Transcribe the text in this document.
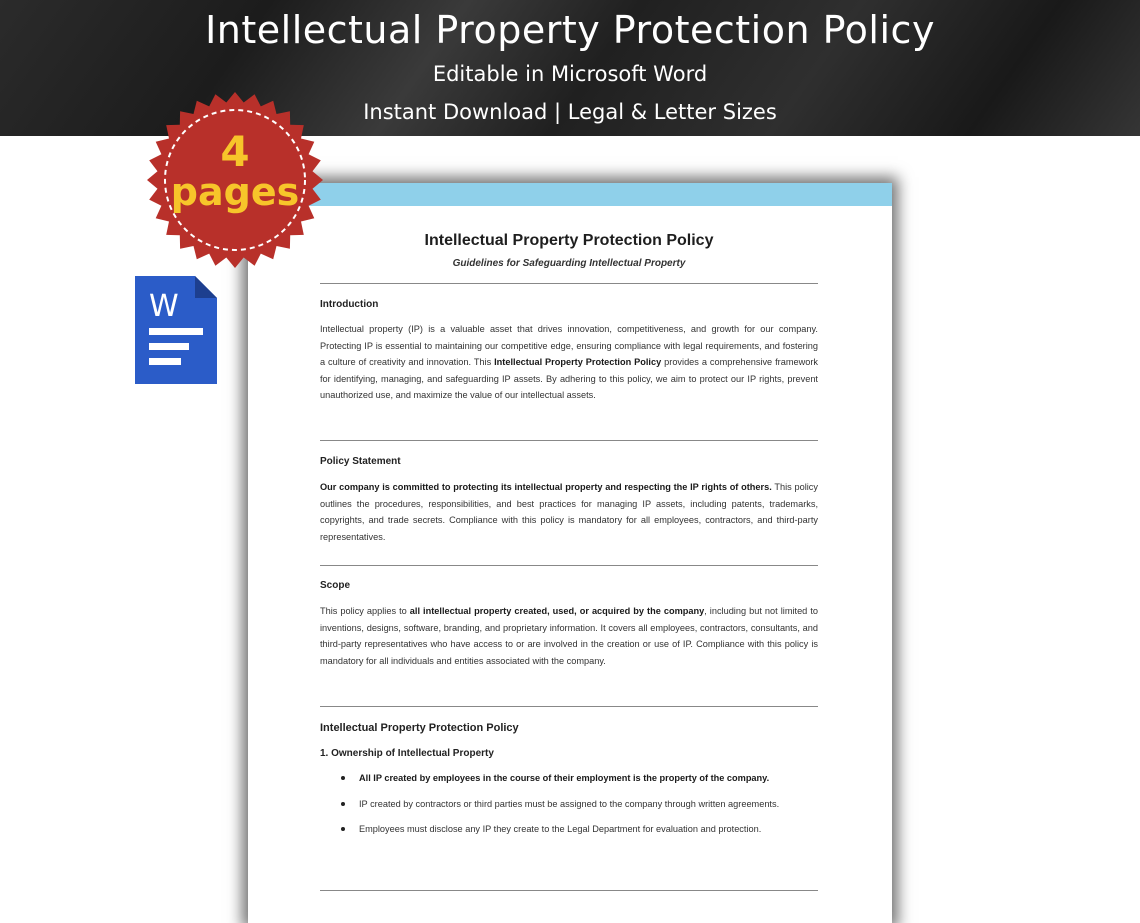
Intellectual Property Protection Policy
Editable in Microsoft Word
Instant Download | Legal & Letter Sizes
Intellectual Property Protection Policy
Guidelines for Safeguarding Intellectual Property
Introduction
Intellectual property (IP) is a valuable asset that drives innovation, competitiveness, and growth for our company. Protecting IP is essential to maintaining our competitive edge, ensuring compliance with legal requirements, and fostering a culture of creativity and innovation. This Intellectual Property Protection Policy provides a comprehensive framework for identifying, managing, and safeguarding IP assets. By adhering to this policy, we aim to protect our IP rights, prevent unauthorized use, and maximize the value of our intellectual assets.
Policy Statement
Our company is committed to protecting its intellectual property and respecting the IP rights of others. This policy outlines the procedures, responsibilities, and best practices for managing IP assets, including patents, trademarks, copyrights, and trade secrets. Compliance with this policy is mandatory for all employees, contractors, and third-party representatives.
Scope
This policy applies to all intellectual property created, used, or acquired by the company, including but not limited to inventions, designs, software, branding, and proprietary information. It covers all employees, contractors, consultants, and third-party representatives who have access to or are involved in the creation or use of IP. Compliance with this policy is mandatory for all individuals and entities associated with the company.
Intellectual Property Protection Policy
1. Ownership of Intellectual Property
All IP created by employees in the course of their employment is the property of the company.
IP created by contractors or third parties must be assigned to the company through written agreements.
Employees must disclose any IP they create to the Legal Department for evaluation and protection.
4
pages
W
